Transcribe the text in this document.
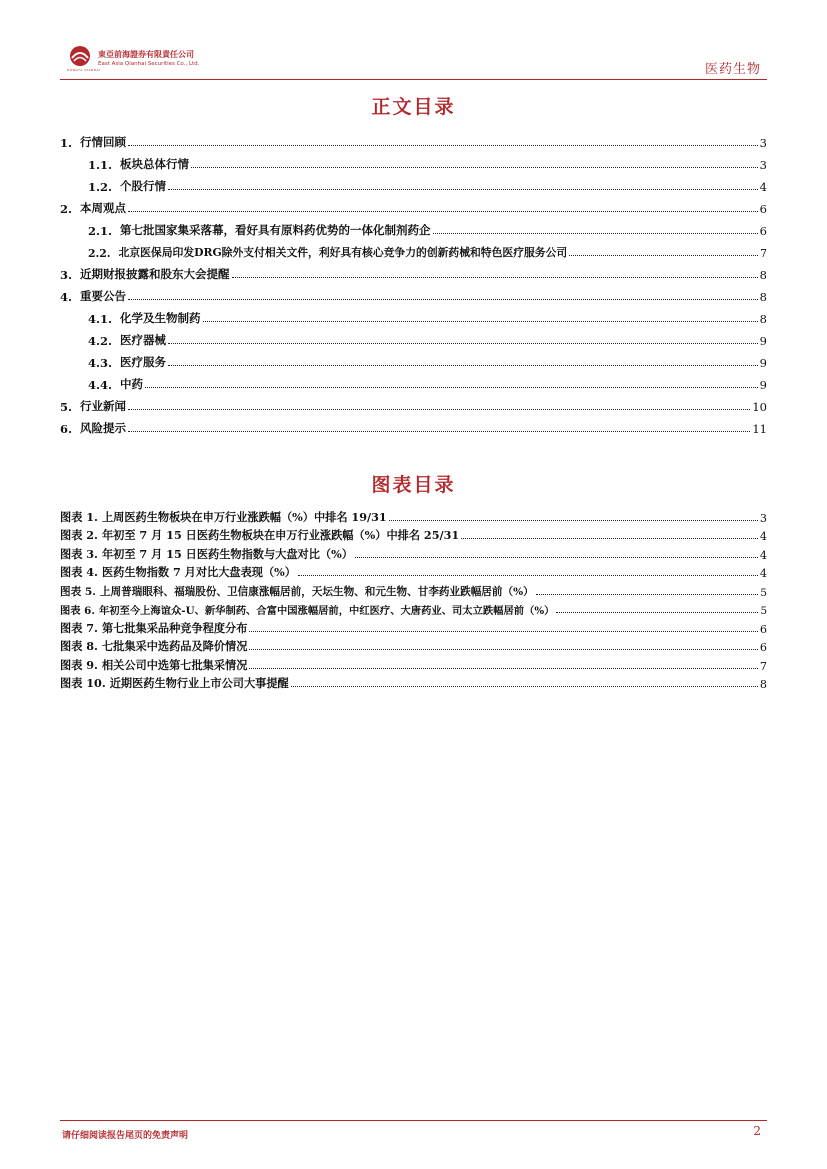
DONGYA QIANHAI
東亞前海證券有限責任公司
East Asia Qianhai Securities Co., Ltd.	医药生物
正文目录
1. 行情回顾	3
1.1. 板块总体行情	3
1.2. 个股行情	4
2. 本周观点	6
2.1. 第七批国家集采落幕，看好具有原料药优势的一体化制剂药企	6
2.2. 北京医保局印发DRG除外支付相关文件，利好具有核心竞争力的创新药械和特色医疗服务公司	7
3. 近期财报披露和股东大会提醒	8
4. 重要公告	8
4.1. 化学及生物制药	8
4.2. 医疗器械	9
4.3. 医疗服务	9
4.4. 中药	9
5. 行业新闻	10
6. 风险提示	11
图表目录
图表 1. 上周医药生物板块在申万行业涨跌幅（%）中排名 19/31	3
图表 2. 年初至 7 月 15 日医药生物板块在申万行业涨跌幅（%）中排名 25/31	4
图表 3. 年初至 7 月 15 日医药生物指数与大盘对比（%）	4
图表 4. 医药生物指数 7 月对比大盘表现（%）	4
图表 5. 上周普瑞眼科、福瑞股份、卫信康涨幅居前，天坛生物、和元生物、甘李药业跌幅居前（%）	5
图表 6. 年初至今上海谊众-U、新华制药、合富中国涨幅居前，中红医疗、大唐药业、司太立跌幅居前（%）	5
图表 7. 第七批集采品种竞争程度分布	6
图表 8. 七批集采中选药品及降价情况	6
图表 9. 相关公司中选第七批集采情况	7
图表 10. 近期医药生物行业上市公司大事提醒	8
请仔细阅读报告尾页的免责声明	2
